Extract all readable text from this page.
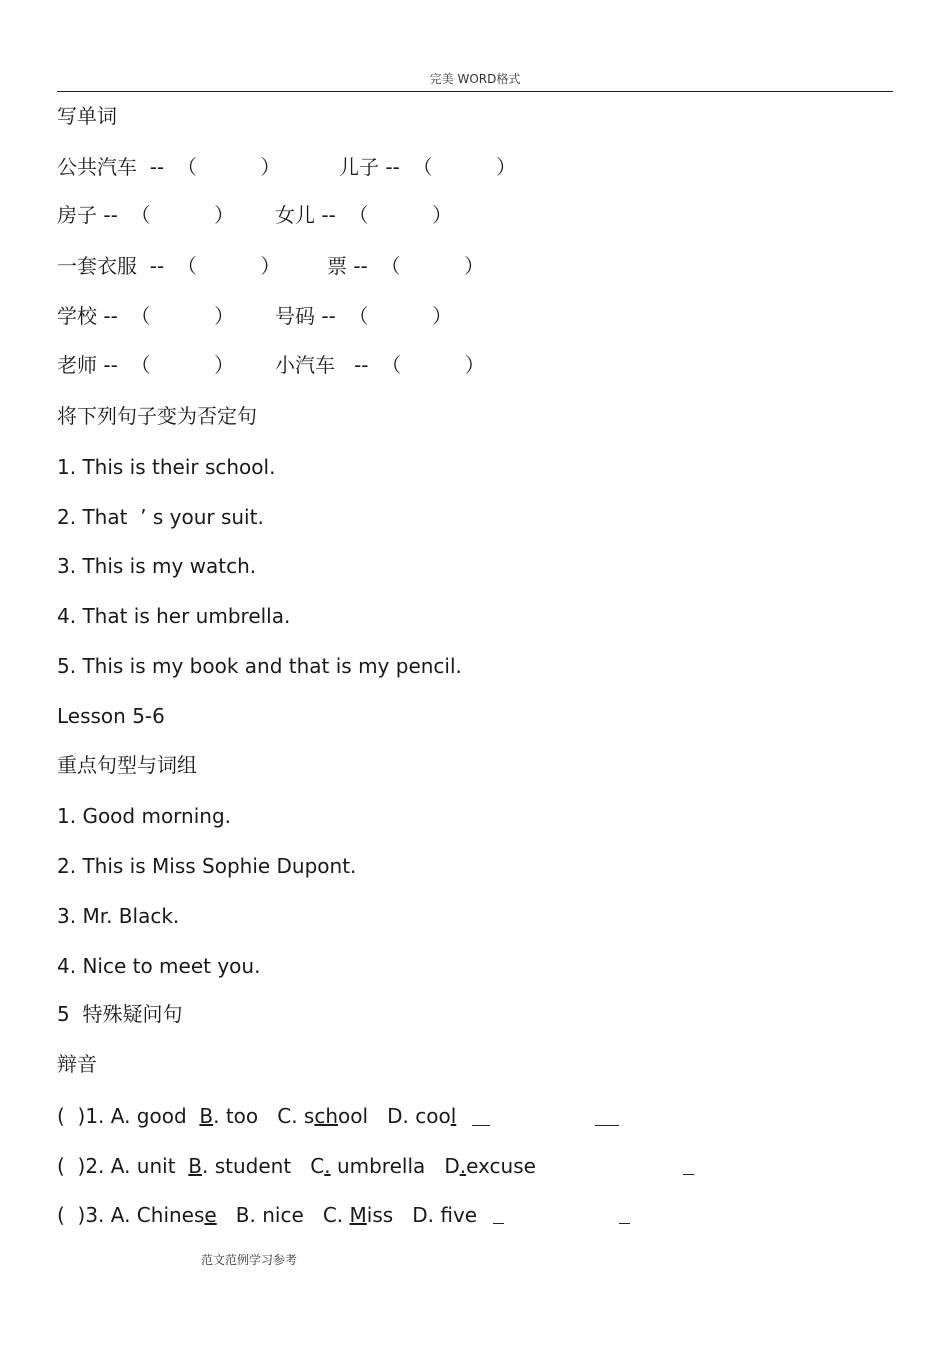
完美 WORD格式
写单词
公共汽车  --  （          ）	儿子 --  （          ）
房子 --  （          ） 女儿 --  （          ）
一套衣服  --  （          ） 票 --  （          ）
学校 --  （          ） 号码 --  （          ）
老师 --  （          ） 小汽车   --  （          ）
将下列句子变为否定句
1. This is their school.
2. That  ’ s your suit.
3. This is my watch.
4. That is her umbrella.
5. This is my book and that is my pencil.
Lesson 5-6
重点句型与词组
1. Good morning.
2. This is Miss Sophie Dupont.
3. Mr. Black.
4. Nice to meet you.
5  特殊疑问句
辩音
(  )1. A. good  B. too   C. school   D. cool
(  )2. A. unit  B. student   C. umbrella   D.excuse
(  )3. A. Chinese   B. nice   C. Miss   D. five
范文范例学习参考
